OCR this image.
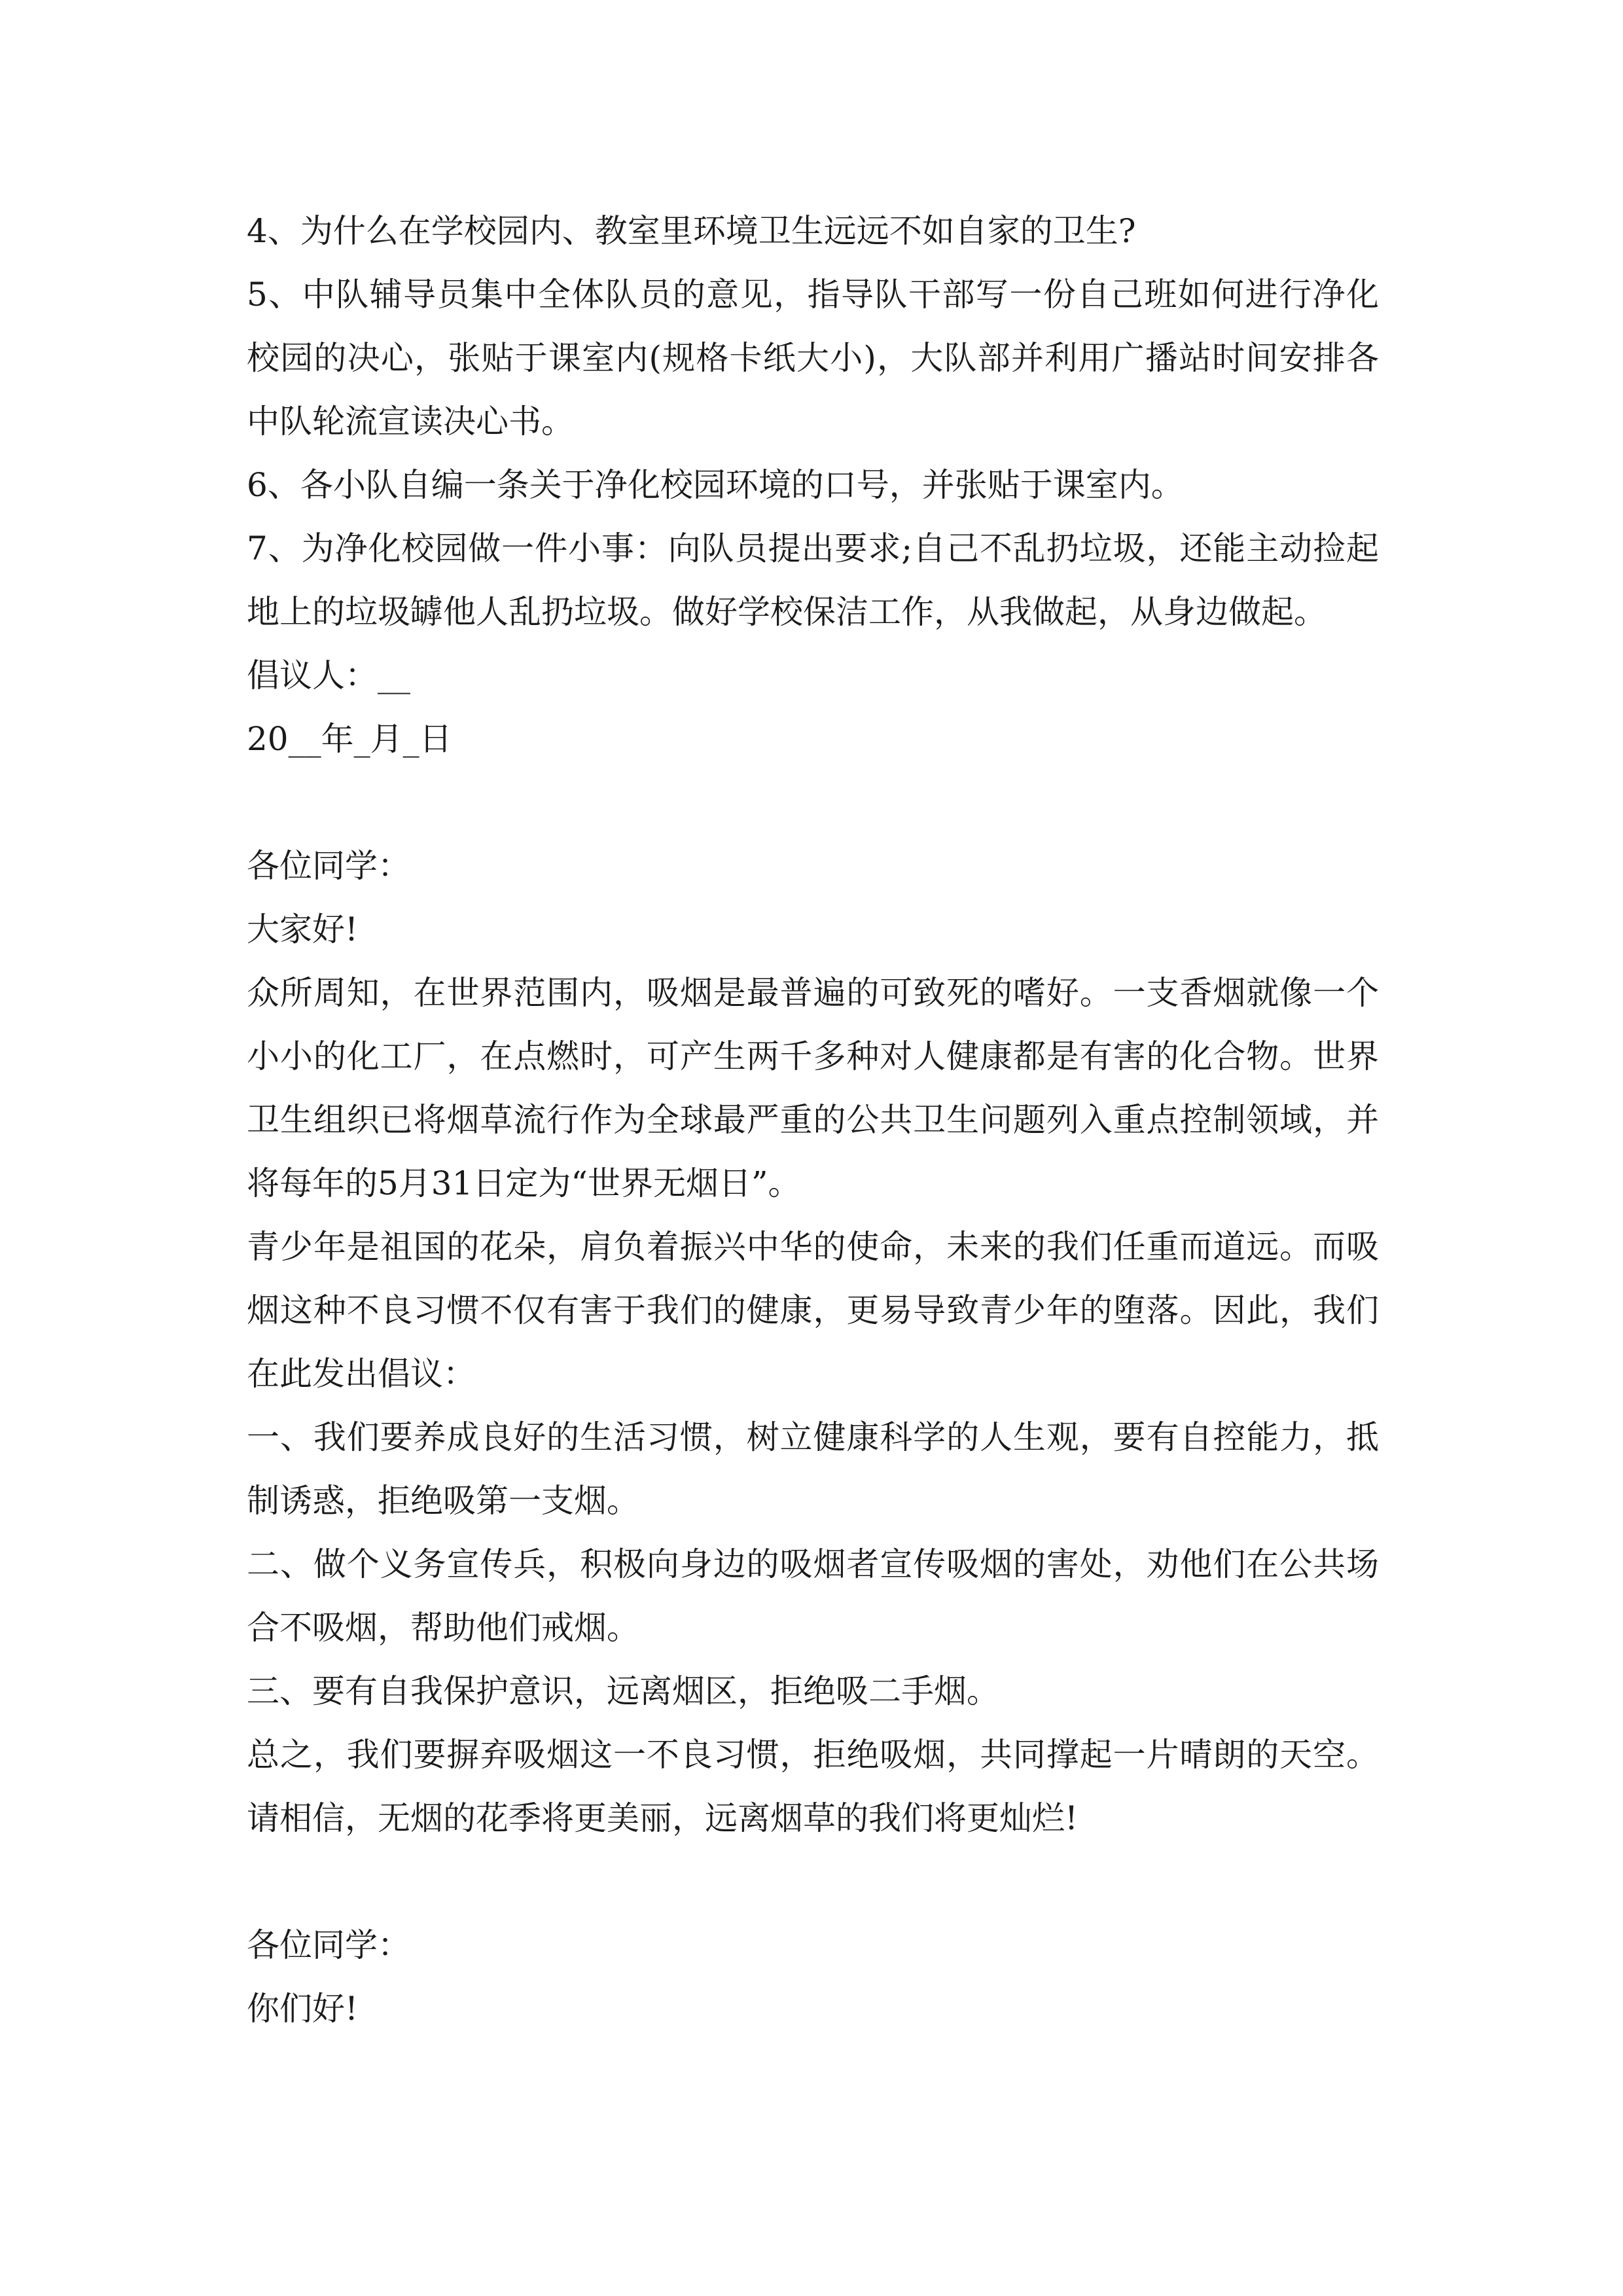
4、为什么在学校园内、教室里环境卫生远远不如自家的卫生?

5、中队辅导员集中全体队员的意见，指导队干部写一份自己班如何进行净化校园的决心，张贴于课室内(规格卡纸大小)，大队部并利用广播站时间安排各中队轮流宣读决心书。

6、各小队自编一条关于净化校园环境的口号，并张贴于课室内。

7、为净化校园做一件小事：向队员提出要求;自己不乱扔垃圾，还能主动捡起地上的垃圾罅他人乱扔垃圾。做好学校保洁工作，从我做起，从身边做起。

倡议人：__

20__年_月_日

各位同学：

大家好!

众所周知，在世界范围内，吸烟是最普遍的可致死的嗜好。一支香烟就像一个小小的化工厂，在点燃时，可产生两千多种对人健康都是有害的化合物。世界卫生组织已将烟草流行作为全球最严重的公共卫生问题列入重点控制领域，并将每年的5月31日定为“世界无烟日”。

青少年是祖国的花朵，肩负着振兴中华的使命，未来的我们任重而道远。而吸烟这种不良习惯不仅有害于我们的健康，更易导致青少年的堕落。因此，我们在此发出倡议：

一、我们要养成良好的生活习惯，树立健康科学的人生观，要有自控能力，抵制诱惑，拒绝吸第一支烟。

二、做个义务宣传兵，积极向身边的吸烟者宣传吸烟的害处，劝他们在公共场合不吸烟，帮助他们戒烟。

三、要有自我保护意识，远离烟区，拒绝吸二手烟。

总之，我们要摒弃吸烟这一不良习惯，拒绝吸烟，共同撑起一片晴朗的天空。请相信，无烟的花季将更美丽，远离烟草的我们将更灿烂!

各位同学：

你们好!
